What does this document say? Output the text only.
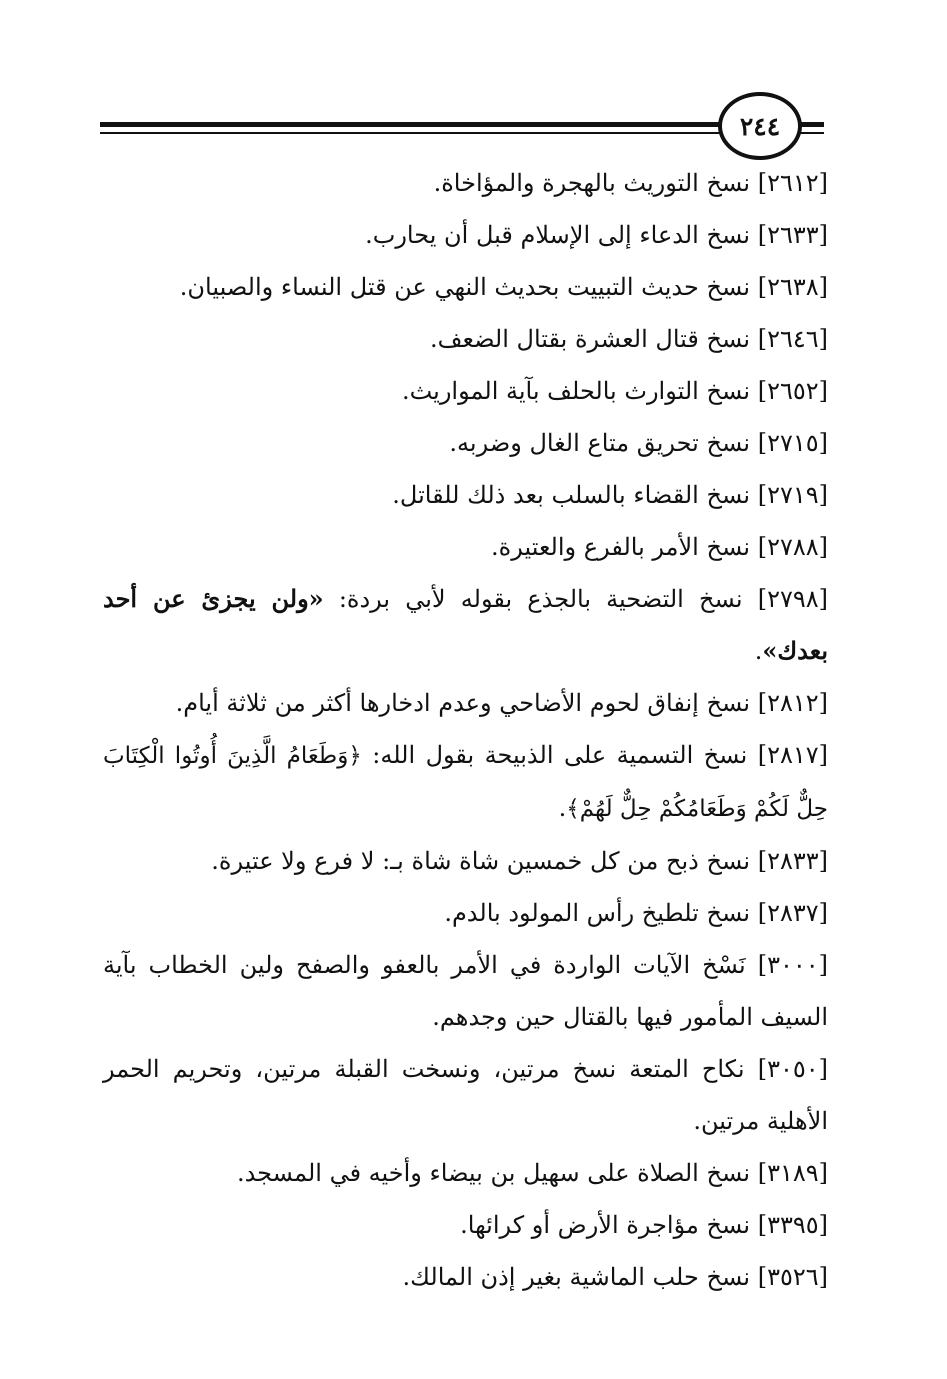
٢٤٤

[٢٦١٢] نسخ التوريث بالهجرة والمؤاخاة.

[٢٦٣٣] نسخ الدعاء إلى الإسلام قبل أن يحارب.

[٢٦٣٨] نسخ حديث التبييت بحديث النهي عن قتل النساء والصبيان.

[٢٦٤٦] نسخ قتال العشرة بقتال الضعف.

[٢٦٥٢] نسخ التوارث بالحلف بآية المواريث.

[٢٧١٥] نسخ تحريق متاع الغال وضربه.

[٢٧١٩] نسخ القضاء بالسلب بعد ذلك للقاتل.

[٢٧٨٨] نسخ الأمر بالفرع والعتيرة.

[٢٧٩٨] نسخ التضحية بالجذع بقوله لأبي بردة: «ولن يجزئ عن أحد بعدك».

[٢٨١٢] نسخ إنفاق لحوم الأضاحي وعدم ادخارها أكثر من ثلاثة أيام.

[٢٨١٧] نسخ التسمية على الذبيحة بقول الله: ﴿وَطَعَامُ الَّذِينَ أُوتُوا الْكِتَابَ حِلٌّ لَكُمْ وَطَعَامُكُمْ حِلٌّ لَهُمْ﴾.

[٢٨٣٣] نسخ ذبح من كل خمسين شاة شاة بـ: لا فرع ولا عتيرة.

[٢٨٣٧] نسخ تلطيخ رأس المولود بالدم.

[٣٠٠٠] نَسْخ الآيات الواردة في الأمر بالعفو والصفح ولين الخطاب بآية السيف المأمور فيها بالقتال حين وجدهم.

[٣٠٥٠] نكاح المتعة نسخ مرتين، ونسخت القبلة مرتين، وتحريم الحمر الأهلية مرتين.

[٣١٨٩] نسخ الصلاة على سهيل بن بيضاء وأخيه في المسجد.

[٣٣٩٥] نسخ مؤاجرة الأرض أو كرائها.

[٣٥٢٦] نسخ حلب الماشية بغير إذن المالك.
